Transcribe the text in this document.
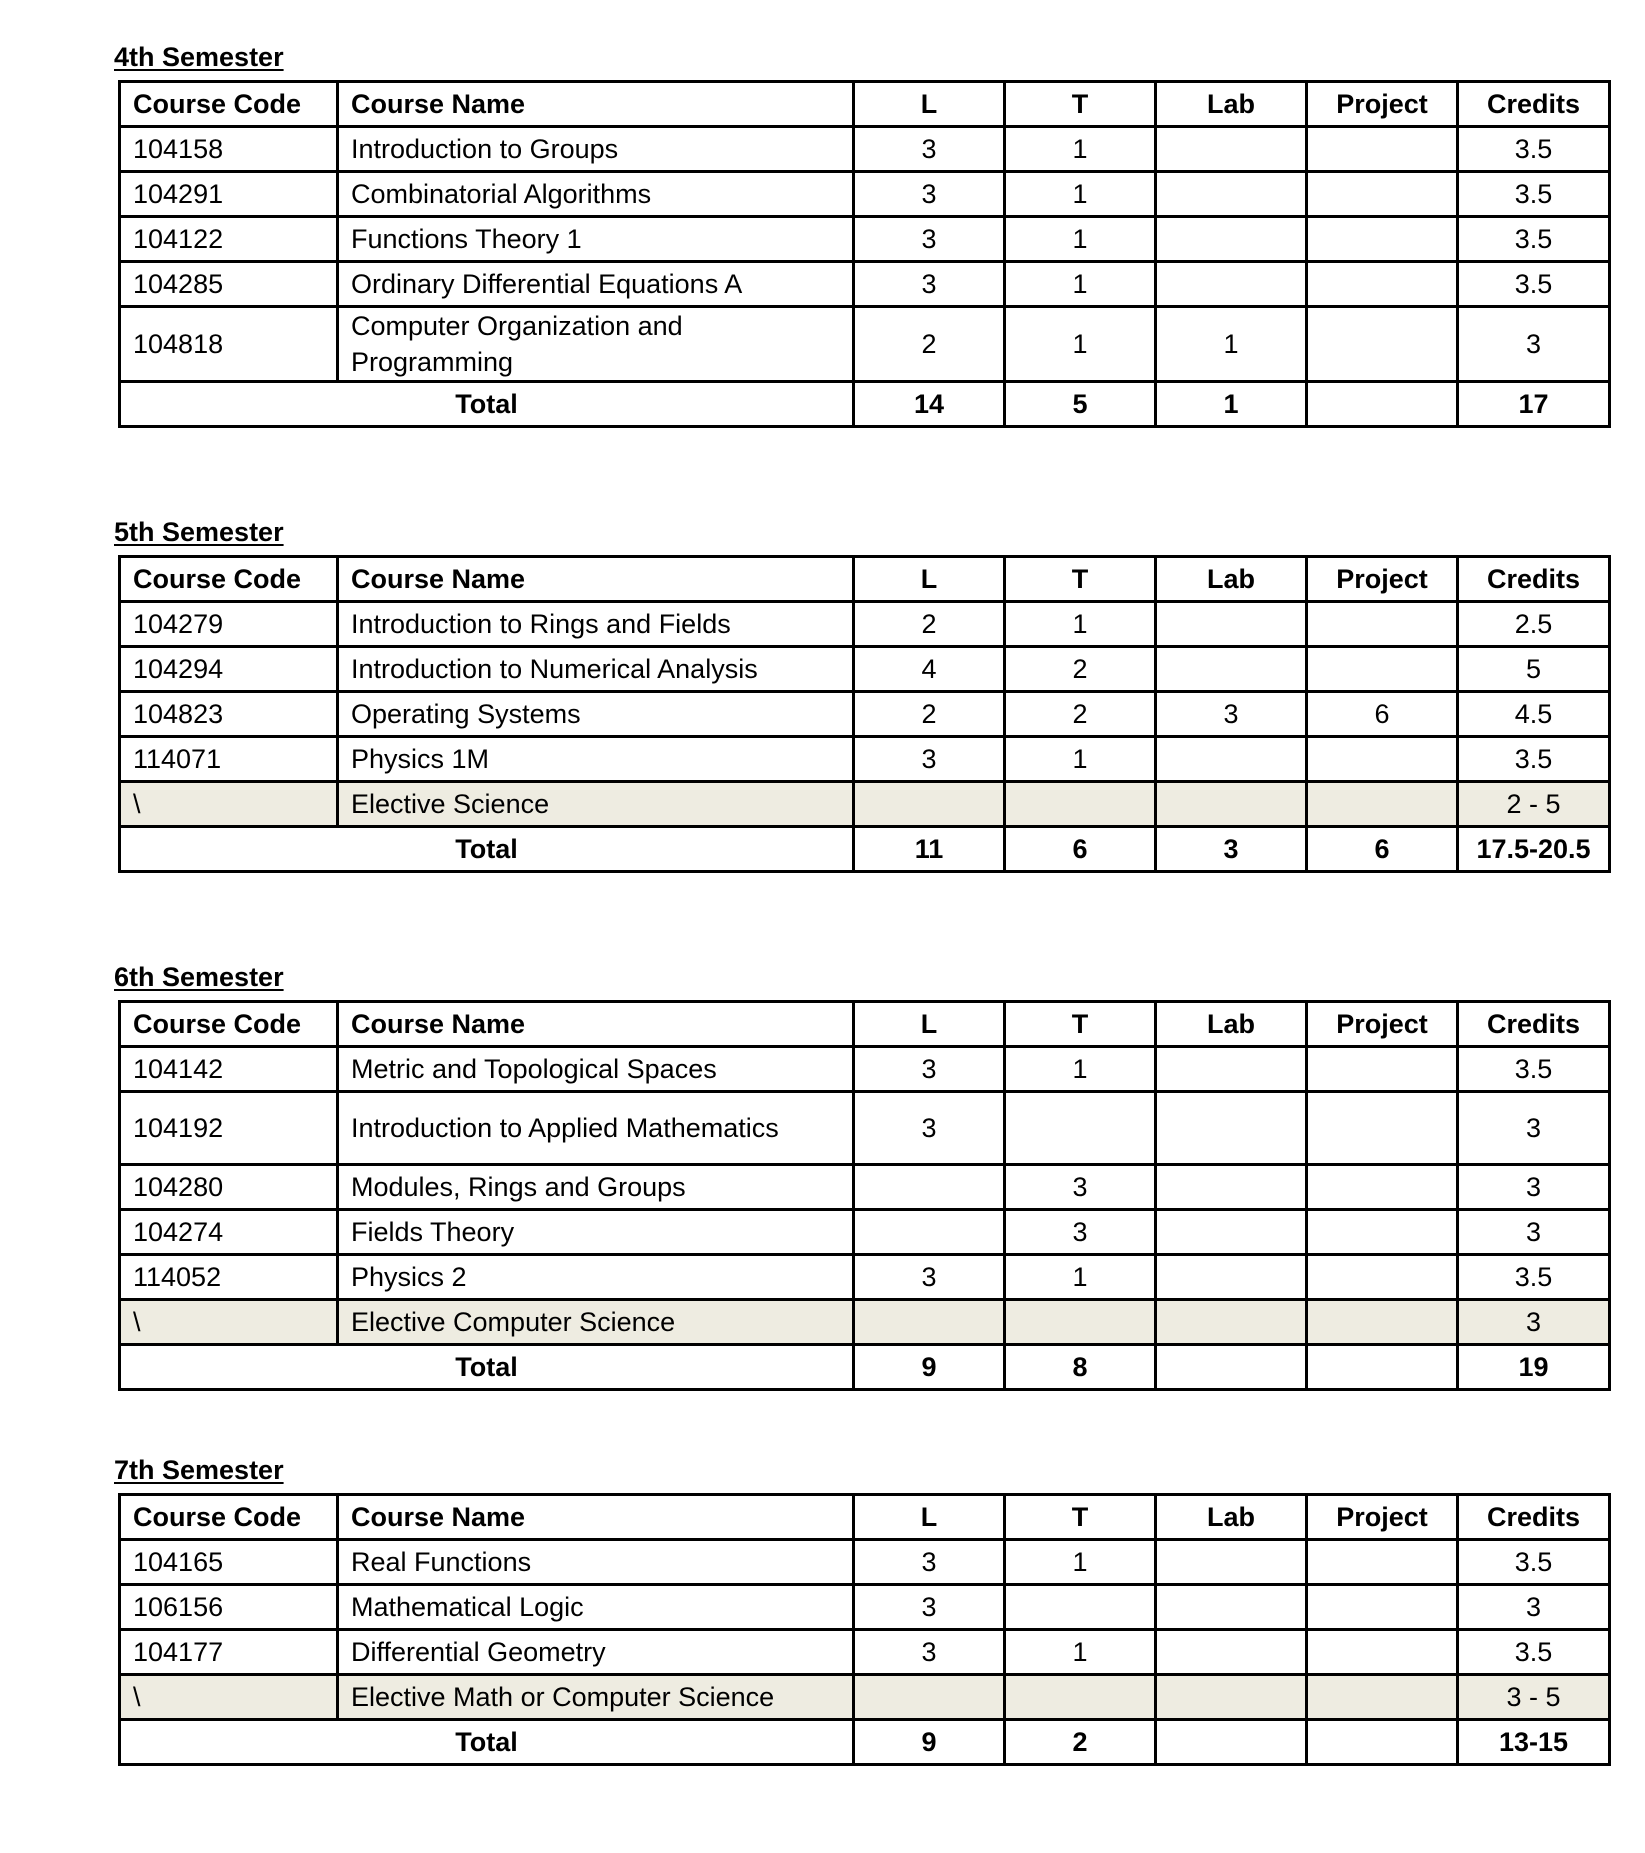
4th Semester
Course Code	Course Name	L	T	Lab	Project	Credits
104158	Introduction to Groups	3	1			3.5
104291	Combinatorial Algorithms	3	1			3.5
104122	Functions Theory 1	3	1			3.5
104285	Ordinary Differential Equations A	3	1			3.5
104818	Computer Organization and Programming	2	1	1		3
Total		14	5	1		17
5th Semester
Course Code	Course Name	L	T	Lab	Project	Credits
104279	Introduction to Rings and Fields	2	1			2.5
104294	Introduction to Numerical Analysis	4	2			5
104823	Operating Systems	2	2	3	6	4.5
114071	Physics 1M	3	1			3.5
\	Elective Science					2 - 5
Total		11	6	3	6	17.5-20.5
6th Semester
Course Code	Course Name	L	T	Lab	Project	Credits
104142	Metric and Topological Spaces	3	1			3.5
104192	Introduction to Applied Mathematics	3				3
104280	Modules, Rings and Groups		3			3
104274	Fields Theory		3			3
114052	Physics 2	3	1			3.5
\	Elective Computer Science					3
Total		9	8			19
7th Semester
Course Code	Course Name	L	T	Lab	Project	Credits
104165	Real Functions	3	1			3.5
106156	Mathematical Logic	3				3
104177	Differential Geometry	3	1			3.5
\	Elective Math or Computer Science					3 - 5
Total		9	2			13-15
